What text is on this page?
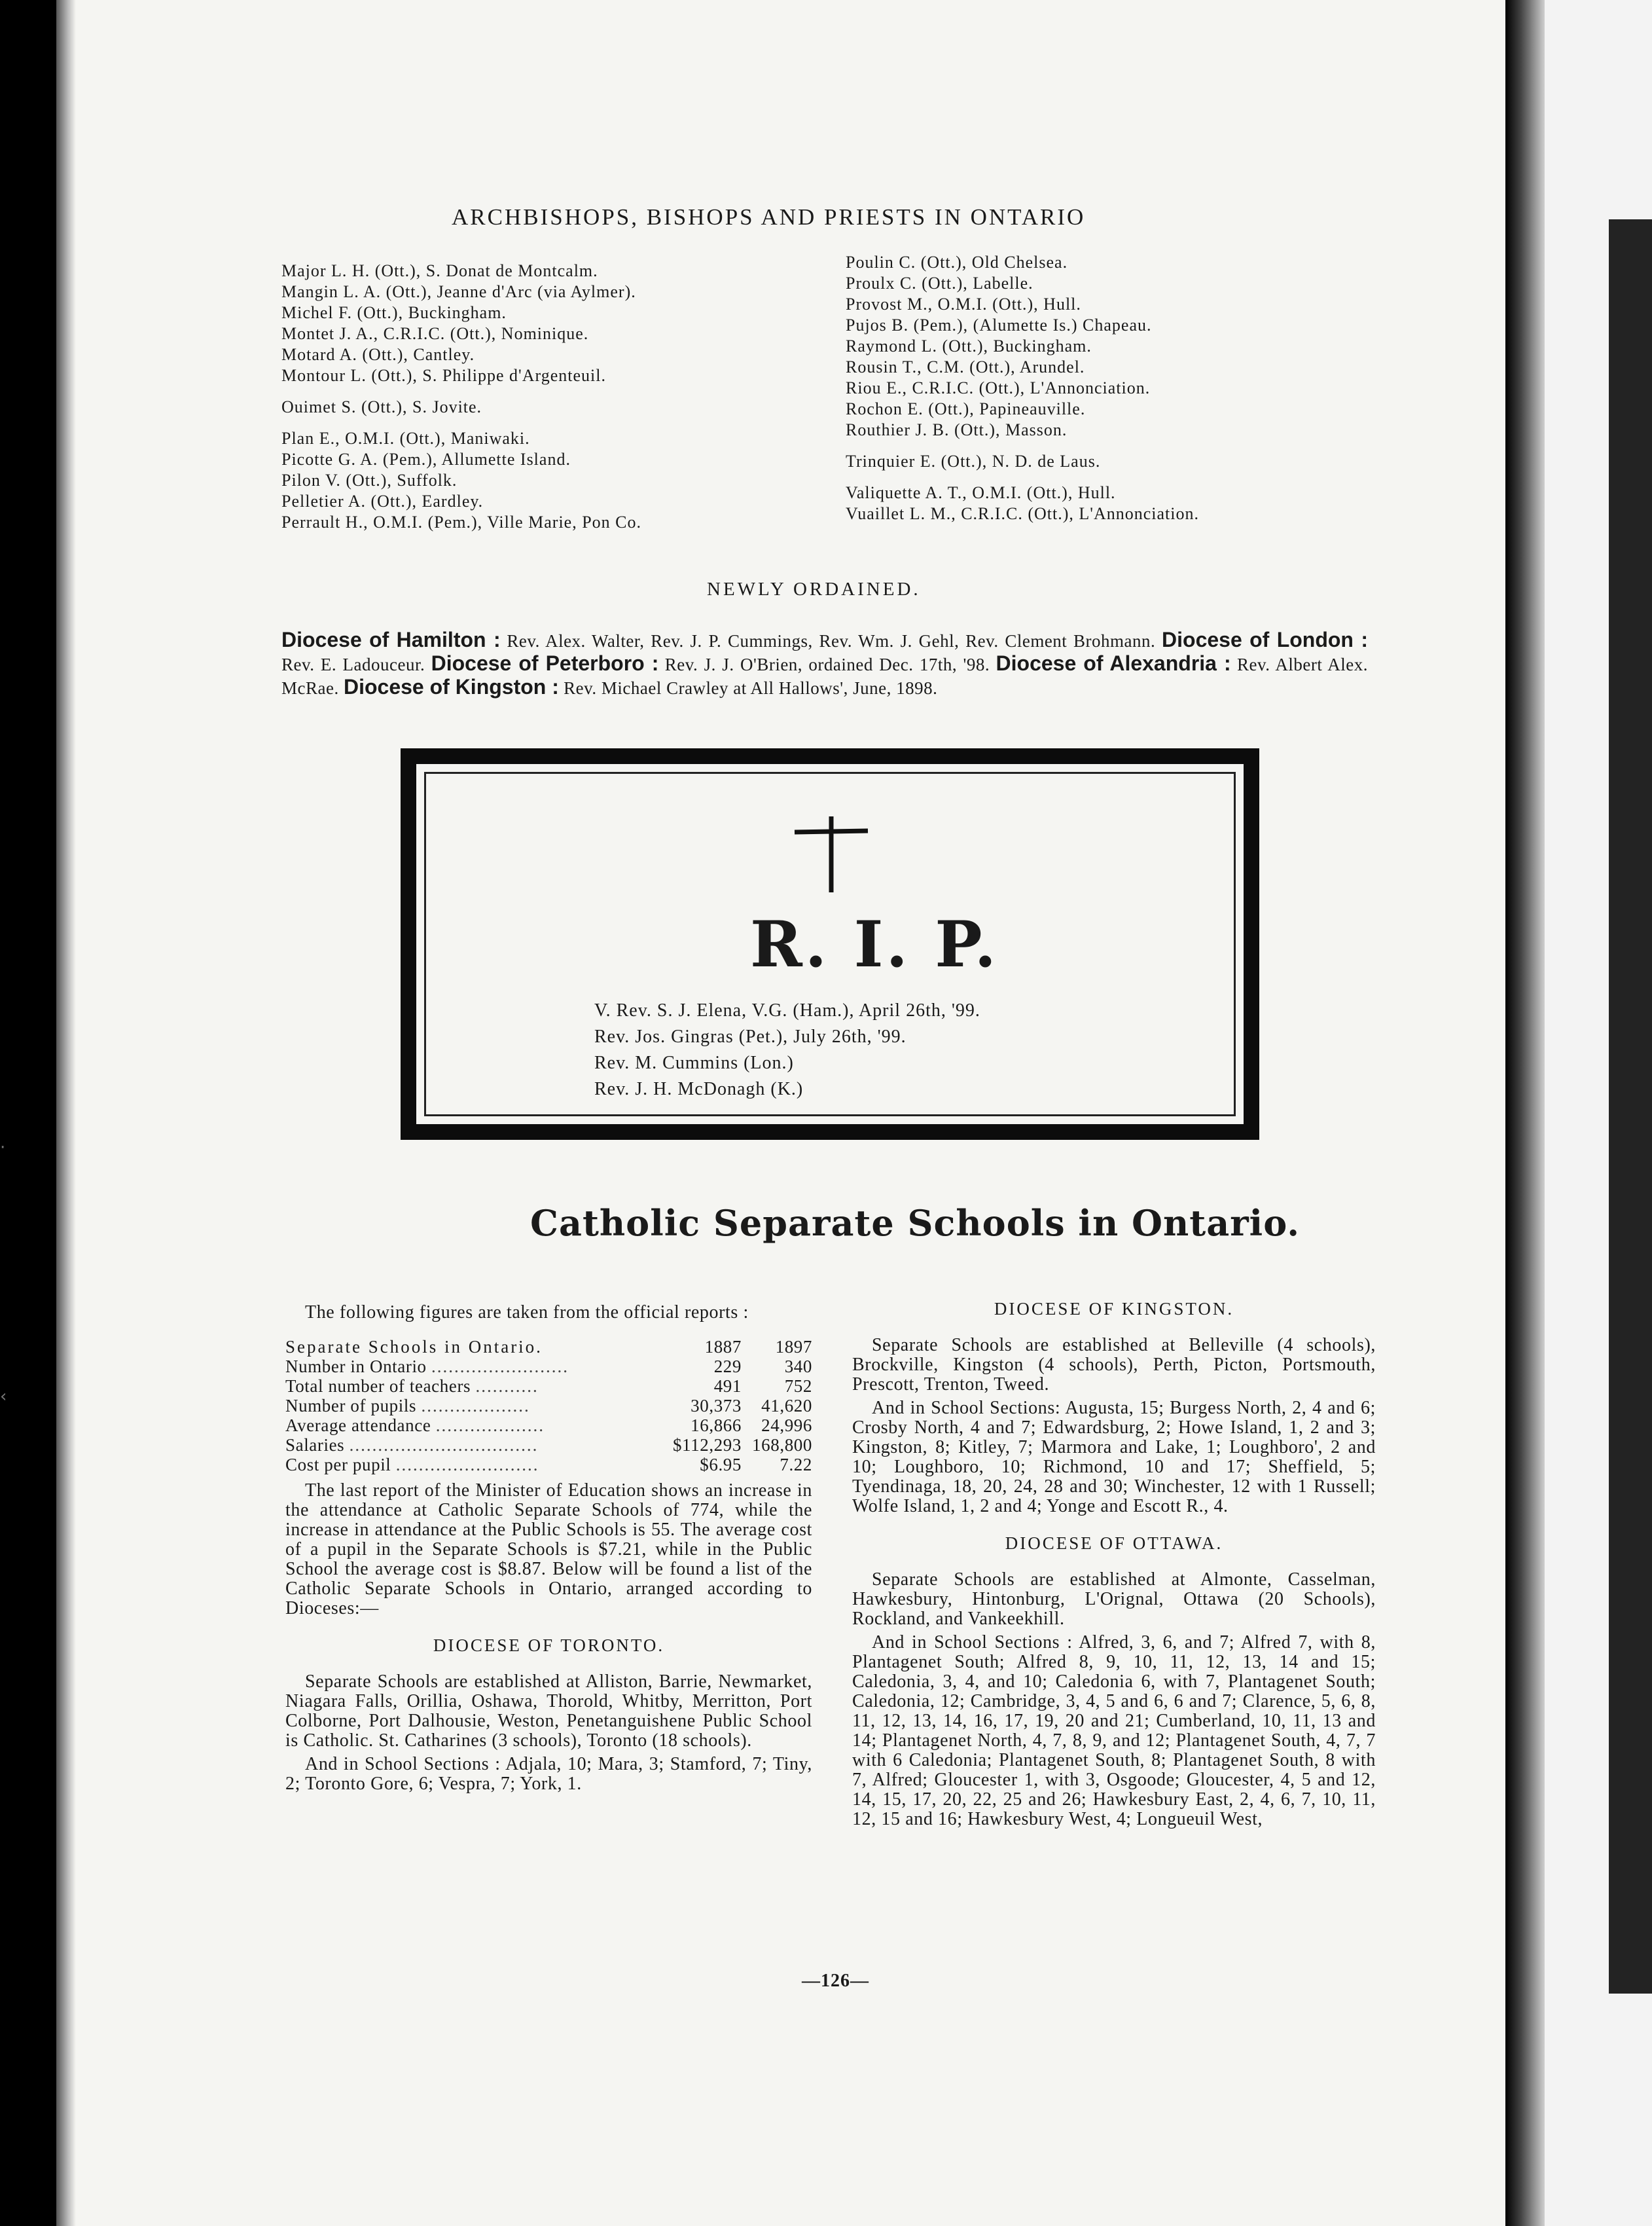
·
‹
ARCHBISHOPS, BISHOPS AND PRIESTS IN ONTARIO
Major L. H. (Ott.), S. Donat de Montcalm.
Mangin L. A. (Ott.), Jeanne d'Arc (via Aylmer).
Michel F. (Ott.), Buckingham.
Montet J. A., C.R.I.C. (Ott.), Nominique.
Motard A. (Ott.), Cantley.
Montour L. (Ott.), S. Philippe d'Argenteuil.
Ouimet S. (Ott.), S. Jovite.
Plan E., O.M.I. (Ott.), Maniwaki.
Picotte G. A. (Pem.), Allumette Island.
Pilon V. (Ott.), Suffolk.
Pelletier A. (Ott.), Eardley.
Perrault H., O.M.I. (Pem.), Ville Marie, Pon Co.
Poulin C. (Ott.), Old Chelsea.
Proulx C. (Ott.), Labelle.
Provost M., O.M.I. (Ott.), Hull.
Pujos B. (Pem.), (Alumette Is.) Chapeau.
Raymond L. (Ott.), Buckingham.
Rousin T., C.M. (Ott.), Arundel.
Riou E., C.R.I.C. (Ott.), L'Annonciation.
Rochon E. (Ott.), Papineauville.
Routhier J. B. (Ott.), Masson.
Trinquier E. (Ott.), N. D. de Laus.
Valiquette A. T., O.M.I. (Ott.), Hull.
Vuaillet L. M., C.R.I.C. (Ott.), L'Annonciation.
NEWLY ORDAINED.
Diocese of Hamilton : Rev. Alex. Walter, Rev. J. P. Cummings, Rev. Wm. J. Gehl, Rev. Clement Brohmann. Diocese of London : Rev. E. Ladouceur. Diocese of Peterboro : Rev. J. J. O'Brien, ordained Dec. 17th, '98. Diocese of Alexandria : Rev. Albert Alex. McRae. Diocese of Kingston : Rev. Michael Crawley at All Hallows', June, 1898.
R. I. P.
V. Rev. S. J. Elena, V.G. (Ham.), April 26th, '99.
Rev. Jos. Gingras (Pet.), July 26th, '99.
Rev. M. Cummins (Lon.)
Rev. J. H. McDonagh (K.)
Catholic Separate Schools in Ontario.

The following figures are taken from the official reports :

Separate Schools in Ontario.	1887	1897
Number in Ontario ........................	229	340
Total number of teachers ...........	491	752
Number of pupils ...................	30,373	41,620
Average attendance ...................	16,866	24,996
Salaries .................................	$112,293	168,800
Cost per pupil .........................	$6.95	7.22

The last report of the Minister of Education shows an increase in the attendance at Catholic Separate Schools of 774, while the increase in attendance at the Public Schools is 55. The average cost of a pupil in the Separate Schools is $7.21, while in the Public School the average cost is $8.87. Below will be found a list of the Catholic Separate Schools in Ontario, arranged according to Dioceses:—

DIOCESE OF TORONTO.

Separate Schools are established at Alliston, Barrie, Newmarket, Niagara Falls, Orillia, Oshawa, Thorold, Whitby, Merritton, Port Colborne, Port Dalhousie, Weston, Penetanguishene Public School is Catholic. St. Catharines (3 schools), Toronto (18 schools).

And in School Sections : Adjala, 10; Mara, 3; Stamford, 7; Tiny, 2; Toronto Gore, 6; Vespra, 7; York, 1.

DIOCESE OF KINGSTON.

Separate Schools are established at Belleville (4 schools), Brockville, Kingston (4 schools), Perth, Picton, Portsmouth, Prescott, Trenton, Tweed.

And in School Sections: Augusta, 15; Burgess North, 2, 4 and 6; Crosby North, 4 and 7; Edwardsburg, 2; Howe Island, 1, 2 and 3; Kingston, 8; Kitley, 7; Marmora and Lake, 1; Loughboro', 2 and 10; Loughboro, 10; Richmond, 10 and 17; Sheffield, 5; Tyendinaga, 18, 20, 24, 28 and 30; Winchester, 12 with 1 Russell; Wolfe Island, 1, 2 and 4; Yonge and Escott R., 4.

DIOCESE OF OTTAWA.

Separate Schools are established at Almonte, Casselman, Hawkesbury, Hintonburg, L'Orignal, Ottawa (20 Schools), Rockland, and Vankeekhill.

And in School Sections : Alfred, 3, 6, and 7; Alfred 7, with 8, Plantagenet South; Alfred 8, 9, 10, 11, 12, 13, 14 and 15; Caledonia, 3, 4, and 10; Caledonia 6, with 7, Plantagenet South; Caledonia, 12; Cambridge, 3, 4, 5 and 6, 6 and 7; Clarence, 5, 6, 8, 11, 12, 13, 14, 16, 17, 19, 20 and 21; Cumberland, 10, 11, 13 and 14; Plantagenet North, 4, 7, 8, 9, and 12; Plantagenet South, 4, 7, 7 with 6 Caledonia; Plantagenet South, 8; Plantagenet South, 8 with 7, Alfred; Gloucester 1, with 3, Osgoode; Gloucester, 4, 5 and 12, 14, 15, 17, 20, 22, 25 and 26; Hawkesbury East, 2, 4, 6, 7, 10, 11, 12, 15 and 16; Hawkesbury West, 4; Longueuil West,

—126—
